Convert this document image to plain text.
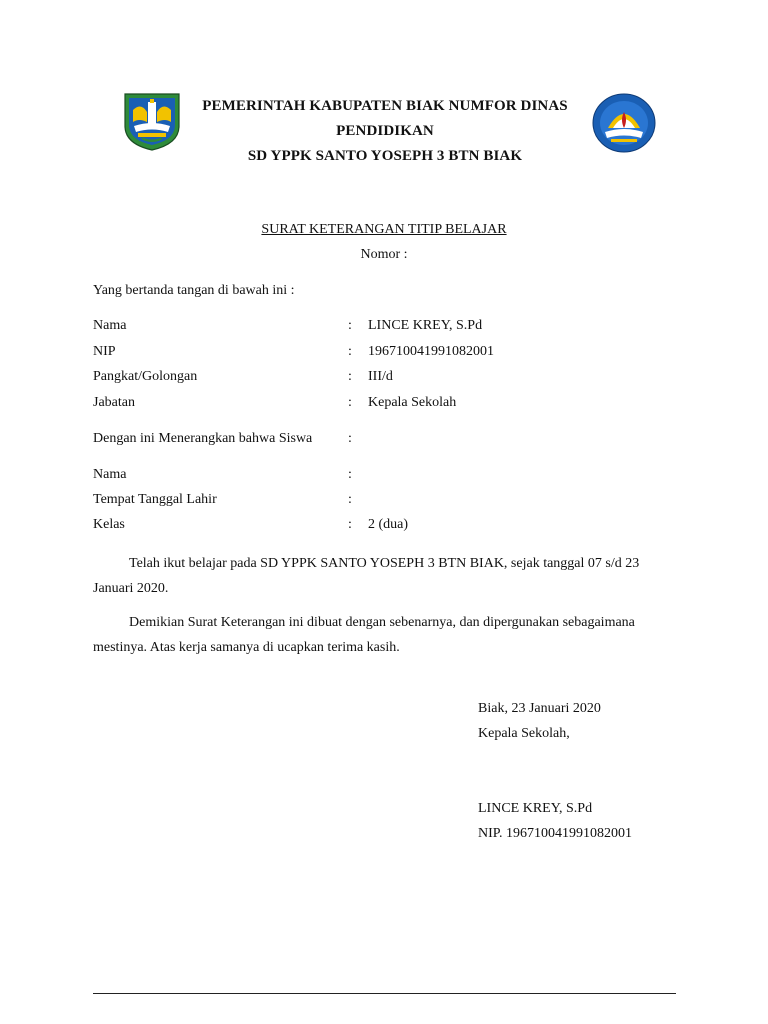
PEMERINTAH KABUPATEN BIAK NUMFOR DINAS
PENDIDIKAN
SD YPPK SANTO YOSEPH 3 BTN BIAK
SURAT KETERANGAN TITIP BELAJAR
Nomor :
Yang bertanda tangan di bawah ini :
Nama	: LINCE KREY, S.Pd
NIP	: 196710041991082001
Pangkat/Golongan	: III/d
Jabatan	: Kepala Sekolah
Dengan ini Menerangkan bahwa Siswa	:
Nama	:
Tempat Tanggal Lahir	:
Kelas	: 2 (dua)
Telah ikut belajar pada SD YPPK SANTO YOSEPH 3 BTN BIAK, sejak tanggal 07 s/d 23 Januari 2020.
Demikian Surat Keterangan ini dibuat dengan sebenarnya, dan dipergunakan sebagaimana mestinya. Atas kerja samanya di ucapkan terima kasih.
Biak, 23 Januari 2020
Kepala Sekolah,
LINCE KREY, S.Pd
NIP. 196710041991082001
